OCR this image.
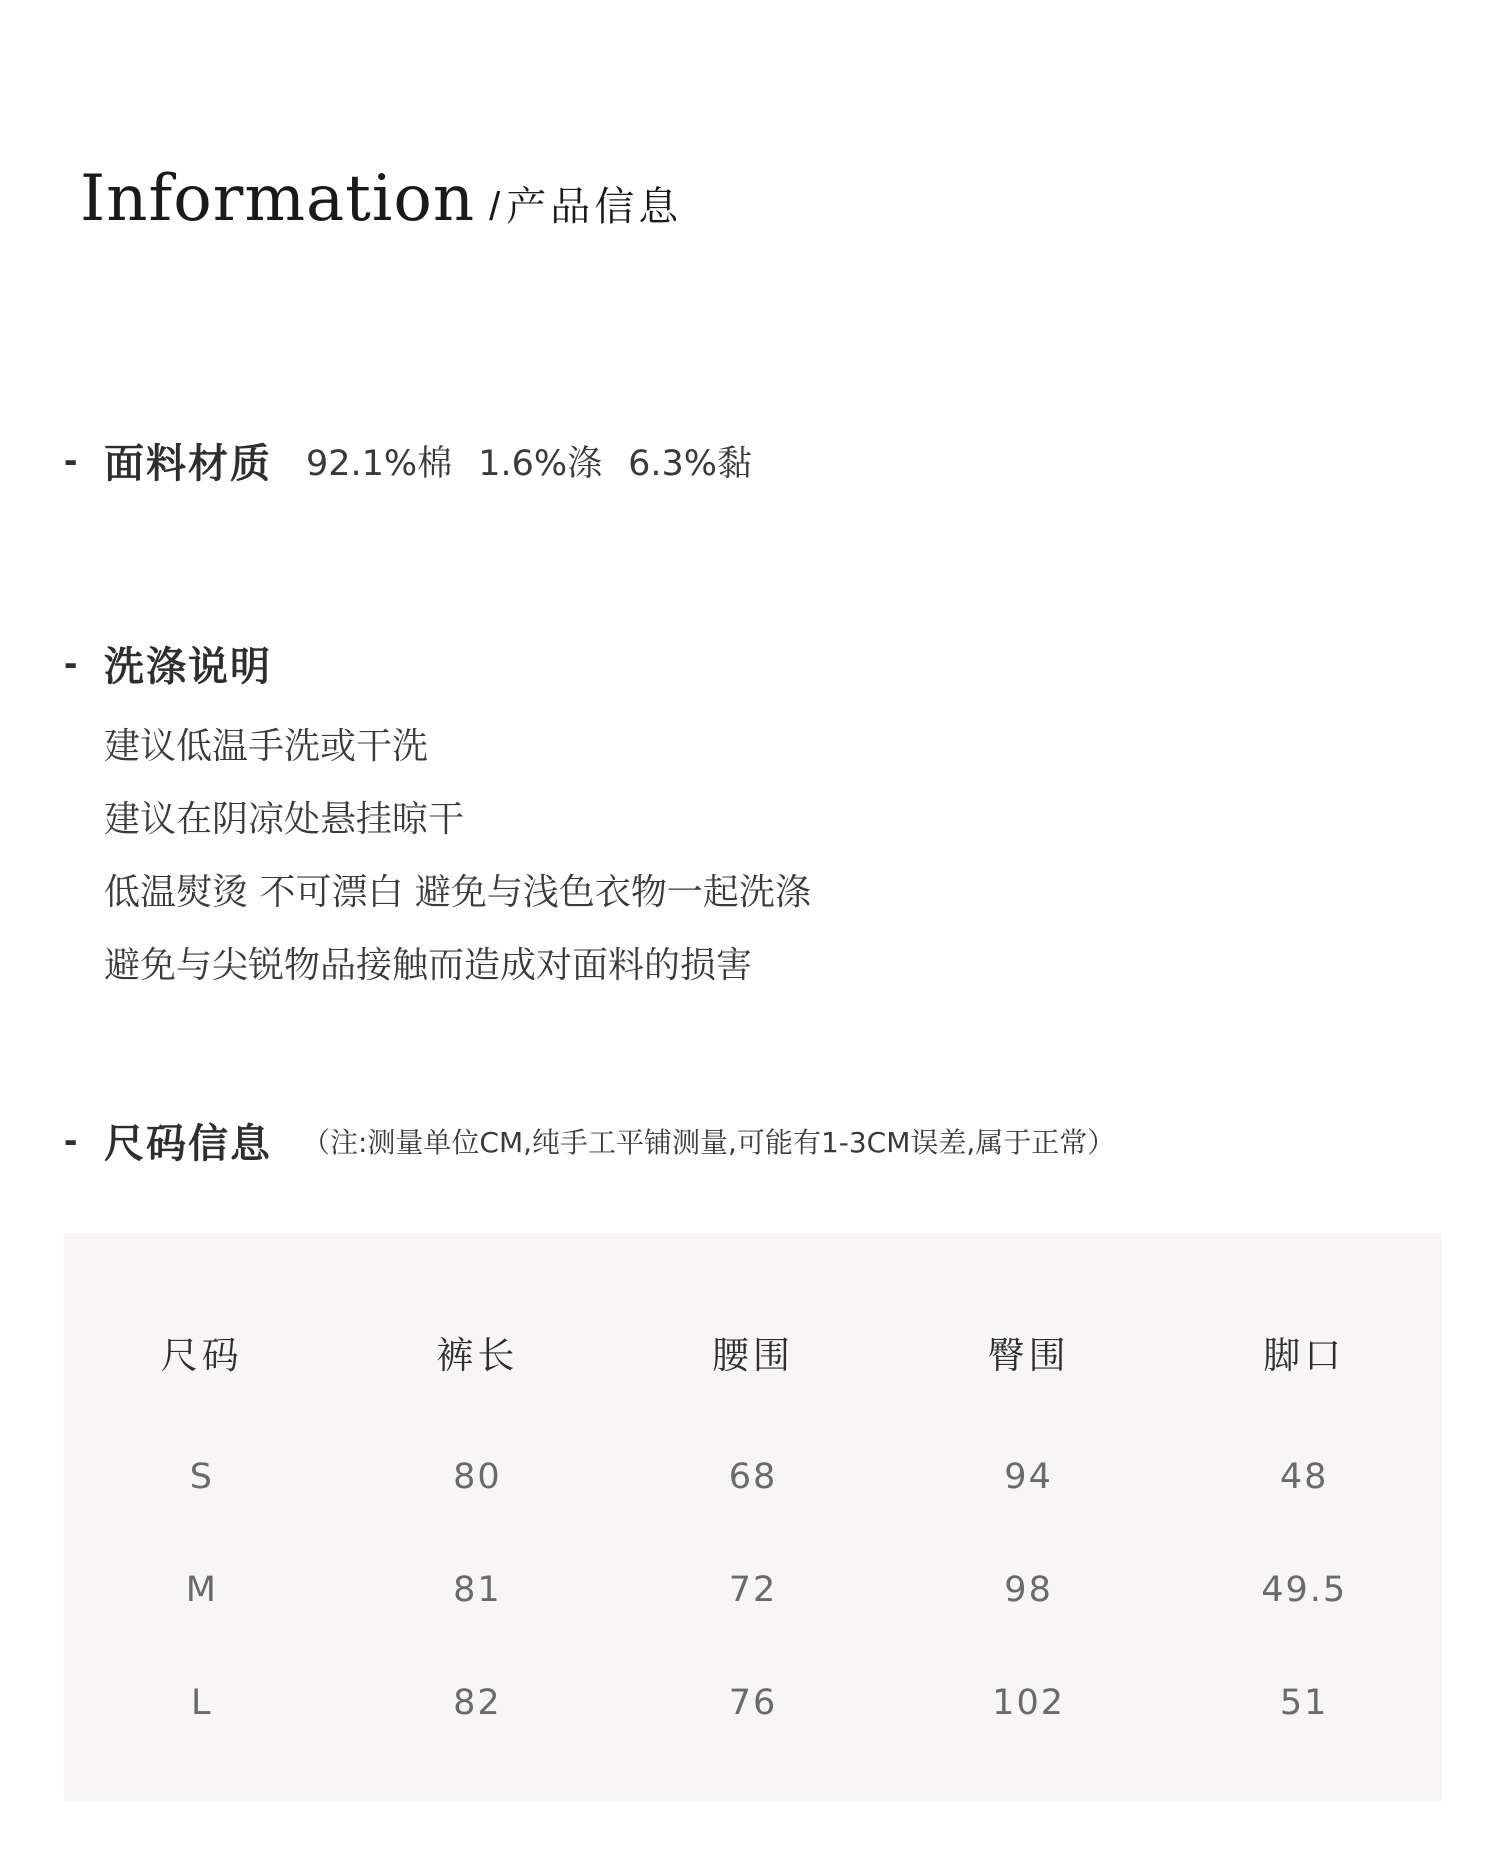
Information / 产品信息
- 面料材质 92.1%棉 1.6%涤 6.3%黏
- 洗涤说明
建议低温手洗或干洗
建议在阴凉处悬挂晾干
低温熨烫 不可漂白 避免与浅色衣物一起洗涤
避免与尖锐物品接触而造成对面料的损害
- 尺码信息 （注:测量单位CM,纯手工平铺测量,可能有1-3CM误差,属于正常）
尺码	裤长	腰围	臀围	脚口
S	80	68	94	48
M	81	72	98	49.5
L	82	76	102	51
